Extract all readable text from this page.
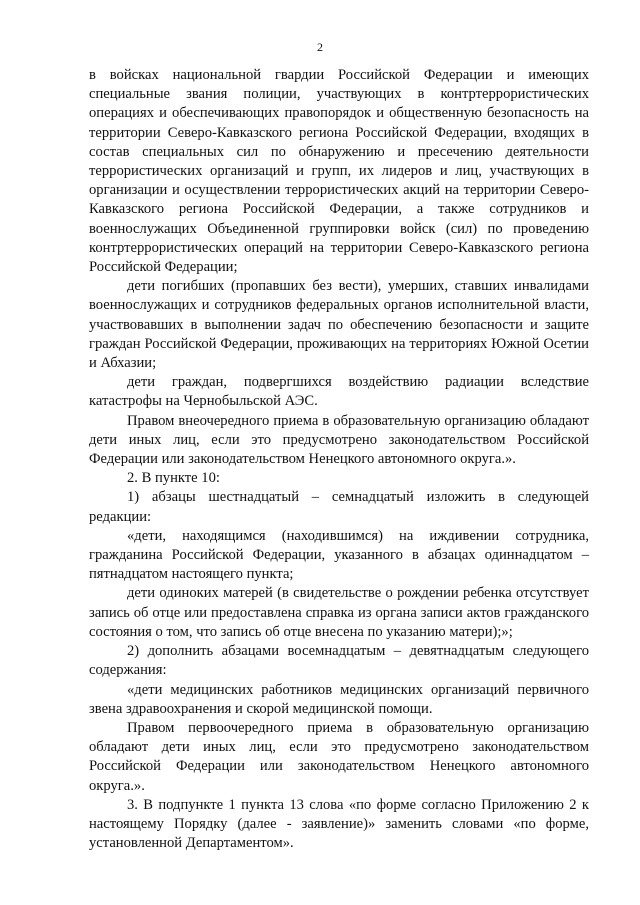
2

в войсках национальной гвардии Российской Федерации и имеющих специальные звания полиции, участвующих в контртеррористических операциях и обеспечивающих правопорядок и общественную безопасность на территории Северо-Кавказского региона Российской Федерации, входящих в состав специальных сил по обнаружению и пресечению деятельности террористических организаций и групп, их лидеров и лиц, участвующих в организации и осуществлении террористических акций на территории Северо-Кавказского региона Российской Федерации, а также сотрудников и военнослужащих Объединенной группировки войск (сил) по проведению контртеррористических операций на территории Северо-Кавказского региона Российской Федерации;

дети погибших (пропавших без вести), умерших, ставших инвалидами военнослужащих и сотрудников федеральных органов исполнительной власти, участвовавших в выполнении задач по обеспечению безопасности и защите граждан Российской Федерации, проживающих на территориях Южной Осетии и Абхазии;

дети граждан, подвергшихся воздействию радиации вследствие катастрофы на Чернобыльской АЭС.

Правом внеочередного приема в образовательную организацию обладают дети иных лиц, если это предусмотрено законодательством Российской Федерации или законодательством Ненецкого автономного округа.».

2. В пункте 10:

1) абзацы шестнадцатый – семнадцатый изложить в следующей редакции:

«дети, находящимся (находившимся) на иждивении сотрудника, гражданина Российской Федерации, указанного в абзацах одиннадцатом – пятнадцатом настоящего пункта;

дети одиноких матерей (в свидетельстве о рождении ребенка отсутствует запись об отце или предоставлена справка из органа записи актов гражданского состояния о том, что запись об отце внесена по указанию матери);»;

2) дополнить абзацами восемнадцатым – девятнадцатым следующего содержания:

«дети медицинских работников медицинских организаций первичного звена здравоохранения и скорой медицинской помощи.

Правом первоочередного приема в образовательную организацию обладают дети иных лиц, если это предусмотрено законодательством Российской Федерации или законодательством Ненецкого автономного округа.».

3. В подпункте 1 пункта 13 слова «по форме согласно Приложению 2 к настоящему Порядку (далее - заявление)» заменить словами «по форме, установленной Департаментом».
